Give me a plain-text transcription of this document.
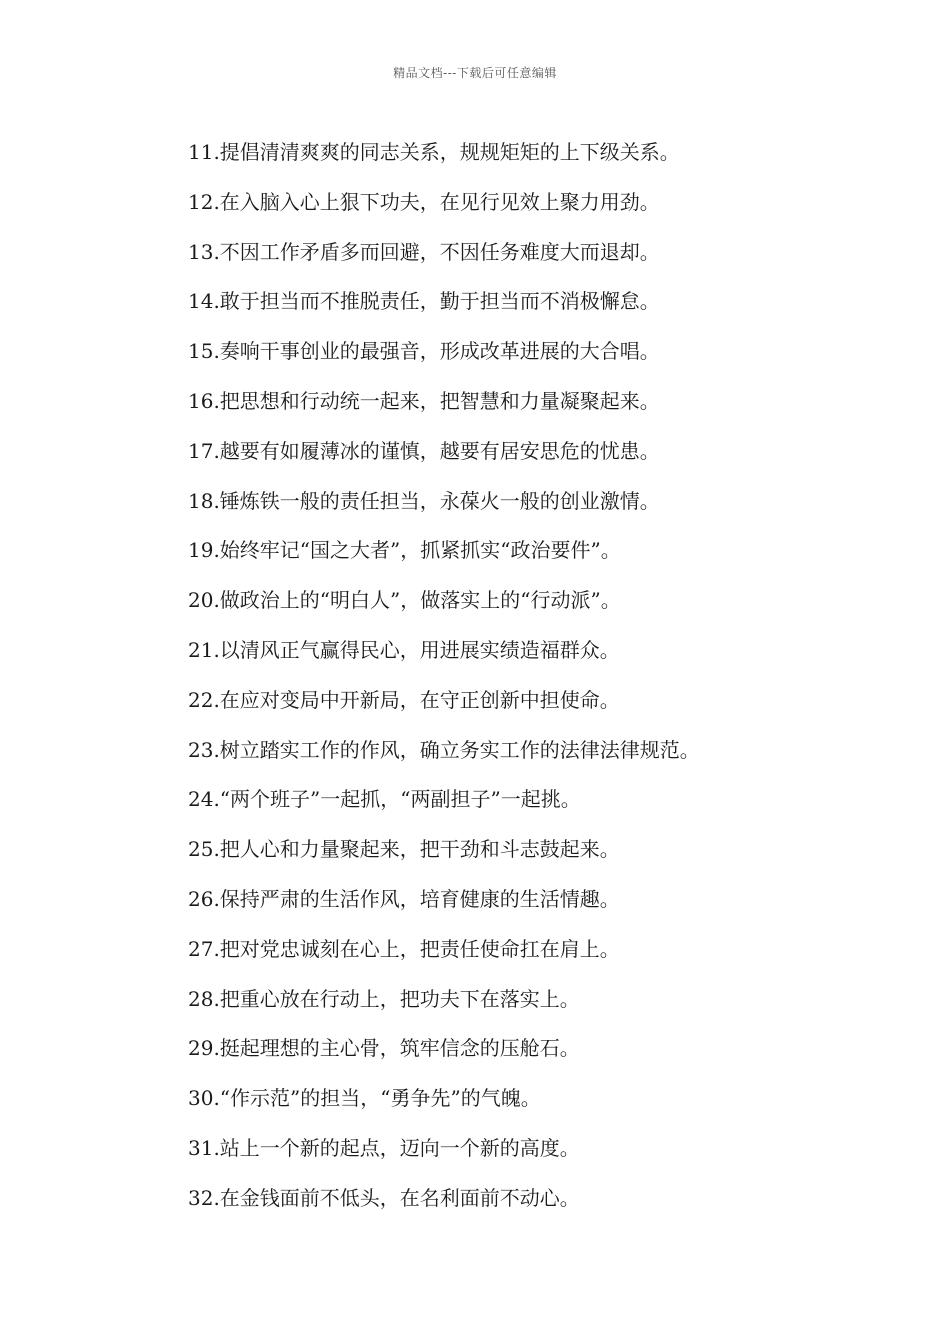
精品文档---下载后可任意编辑
11.提倡清清爽爽的同志关系，规规矩矩的上下级关系。
12.在入脑入心上狠下功夫，在见行见效上聚力用劲。
13.不因工作矛盾多而回避，不因任务难度大而退却。
14.敢于担当而不推脱责任，勤于担当而不消极懈怠。
15.奏响干事创业的最强音，形成改革进展的大合唱。
16.把思想和行动统一起来，把智慧和力量凝聚起来。
17.越要有如履薄冰的谨慎，越要有居安思危的忧患。
18.锤炼铁一般的责任担当，永葆火一般的创业激情。
19.始终牢记“国之大者”，抓紧抓实“政治要件”。
20.做政治上的“明白人”，做落实上的“行动派”。
21.以清风正气赢得民心，用进展实绩造福群众。
22.在应对变局中开新局，在守正创新中担使命。
23.树立踏实工作的作风，确立务实工作的法律法律规范。
24.“两个班子”一起抓，“两副担子”一起挑。
25.把人心和力量聚起来，把干劲和斗志鼓起来。
26.保持严肃的生活作风，培育健康的生活情趣。
27.把对党忠诚刻在心上，把责任使命扛在肩上。
28.把重心放在行动上，把功夫下在落实上。
29.挺起理想的主心骨，筑牢信念的压舱石。
30.“作示范”的担当，“勇争先”的气魄。
31.站上一个新的起点，迈向一个新的高度。
32.在金钱面前不低头，在名利面前不动心。
